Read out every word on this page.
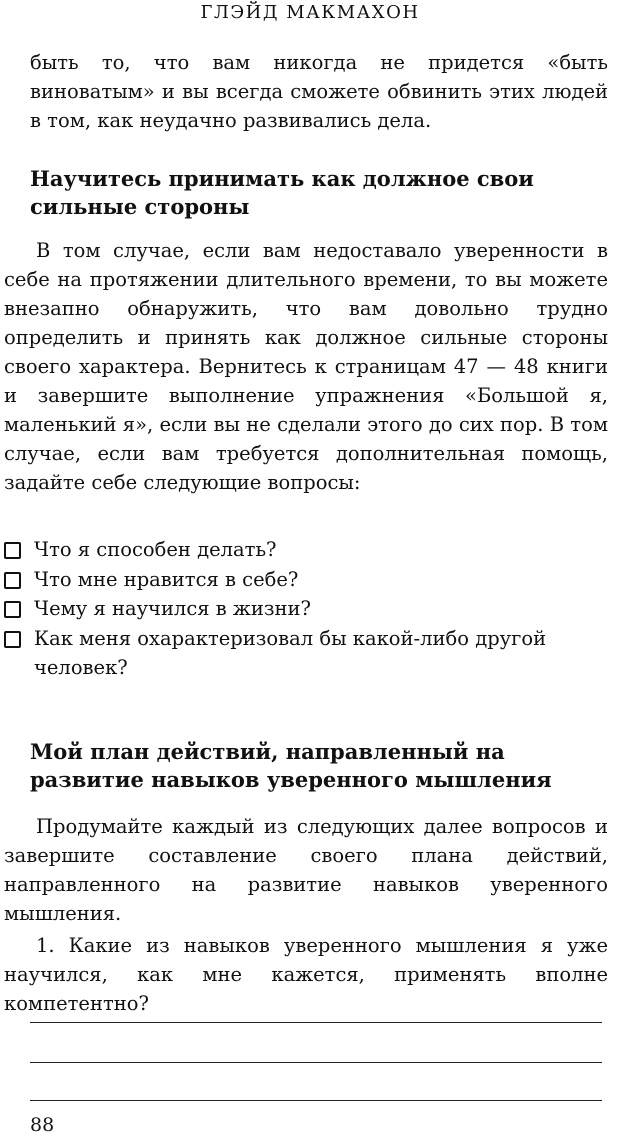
ГЛЭЙД МАКМАХОН
быть то, что вам никогда не придется «быть виноватым» и вы всегда сможете обвинить этих людей в том, как неудачно развивались дела.
Научитесь принимать как должное свои сильные стороны
В том случае, если вам недоставало уверенности в себе на протяжении длительного времени, то вы можете внезапно обнаружить, что вам довольно трудно определить и принять как должное сильные стороны своего характера. Вернитесь к страницам 47 — 48 книги и завершите выполнение упражнения «Большой я, маленький я», если вы не сделали этого до сих пор. В том случае, если вам требуется дополнительная помощь, задайте себе следующие вопросы:
Что я способен делать?
Что мне нравится в себе?
Чему я научился в жизни?
Как меня охарактеризовал бы какой-либо другой человек?
Мой план действий, направленный на развитие навыков уверенного мышления
Продумайте каждый из следующих далее вопросов и завершите составление своего плана действий, направленного на развитие навыков уверенного мышления.
1. Какие из навыков уверенного мышления я уже научился, как мне кажется, применять вполне компетентно?
88
